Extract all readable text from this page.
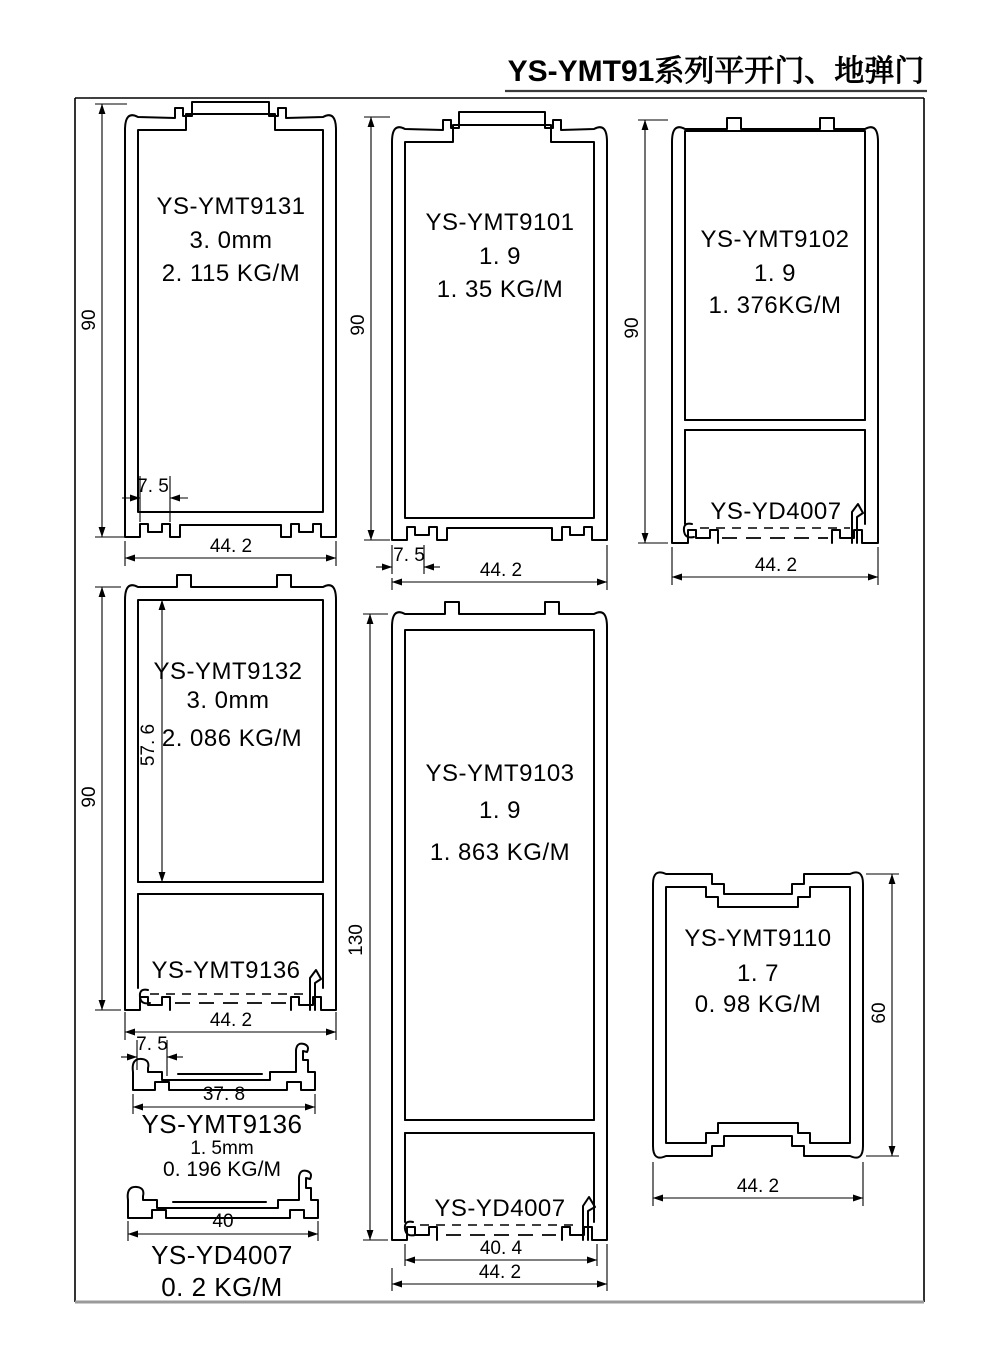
YS-YMT91系列平开门、地弹门
YS-YMT9131
3. 0mm
2. 115 KG/M
90
7. 5
44. 2
YS-YMT9101
1. 9
1. 35 KG/M
90
7. 5
44. 2
YS-YD4007
YS-YMT9102
1. 9
1. 376KG/M
90
44. 2
YS-YMT9136
YS-YMT9132
3. 0mm
2. 086 KG/M
90
57. 6
44. 2
7. 5
37. 8
YS-YMT9136
1. 5mm
0. 196 KG/M
40
YS-YD4007
0. 2 KG/M
YS-YD4007
YS-YMT9103
1. 9
1. 863 KG/M
130
40. 4
44. 2
YS-YMT9110
1. 7
0. 98 KG/M	60
44. 2
